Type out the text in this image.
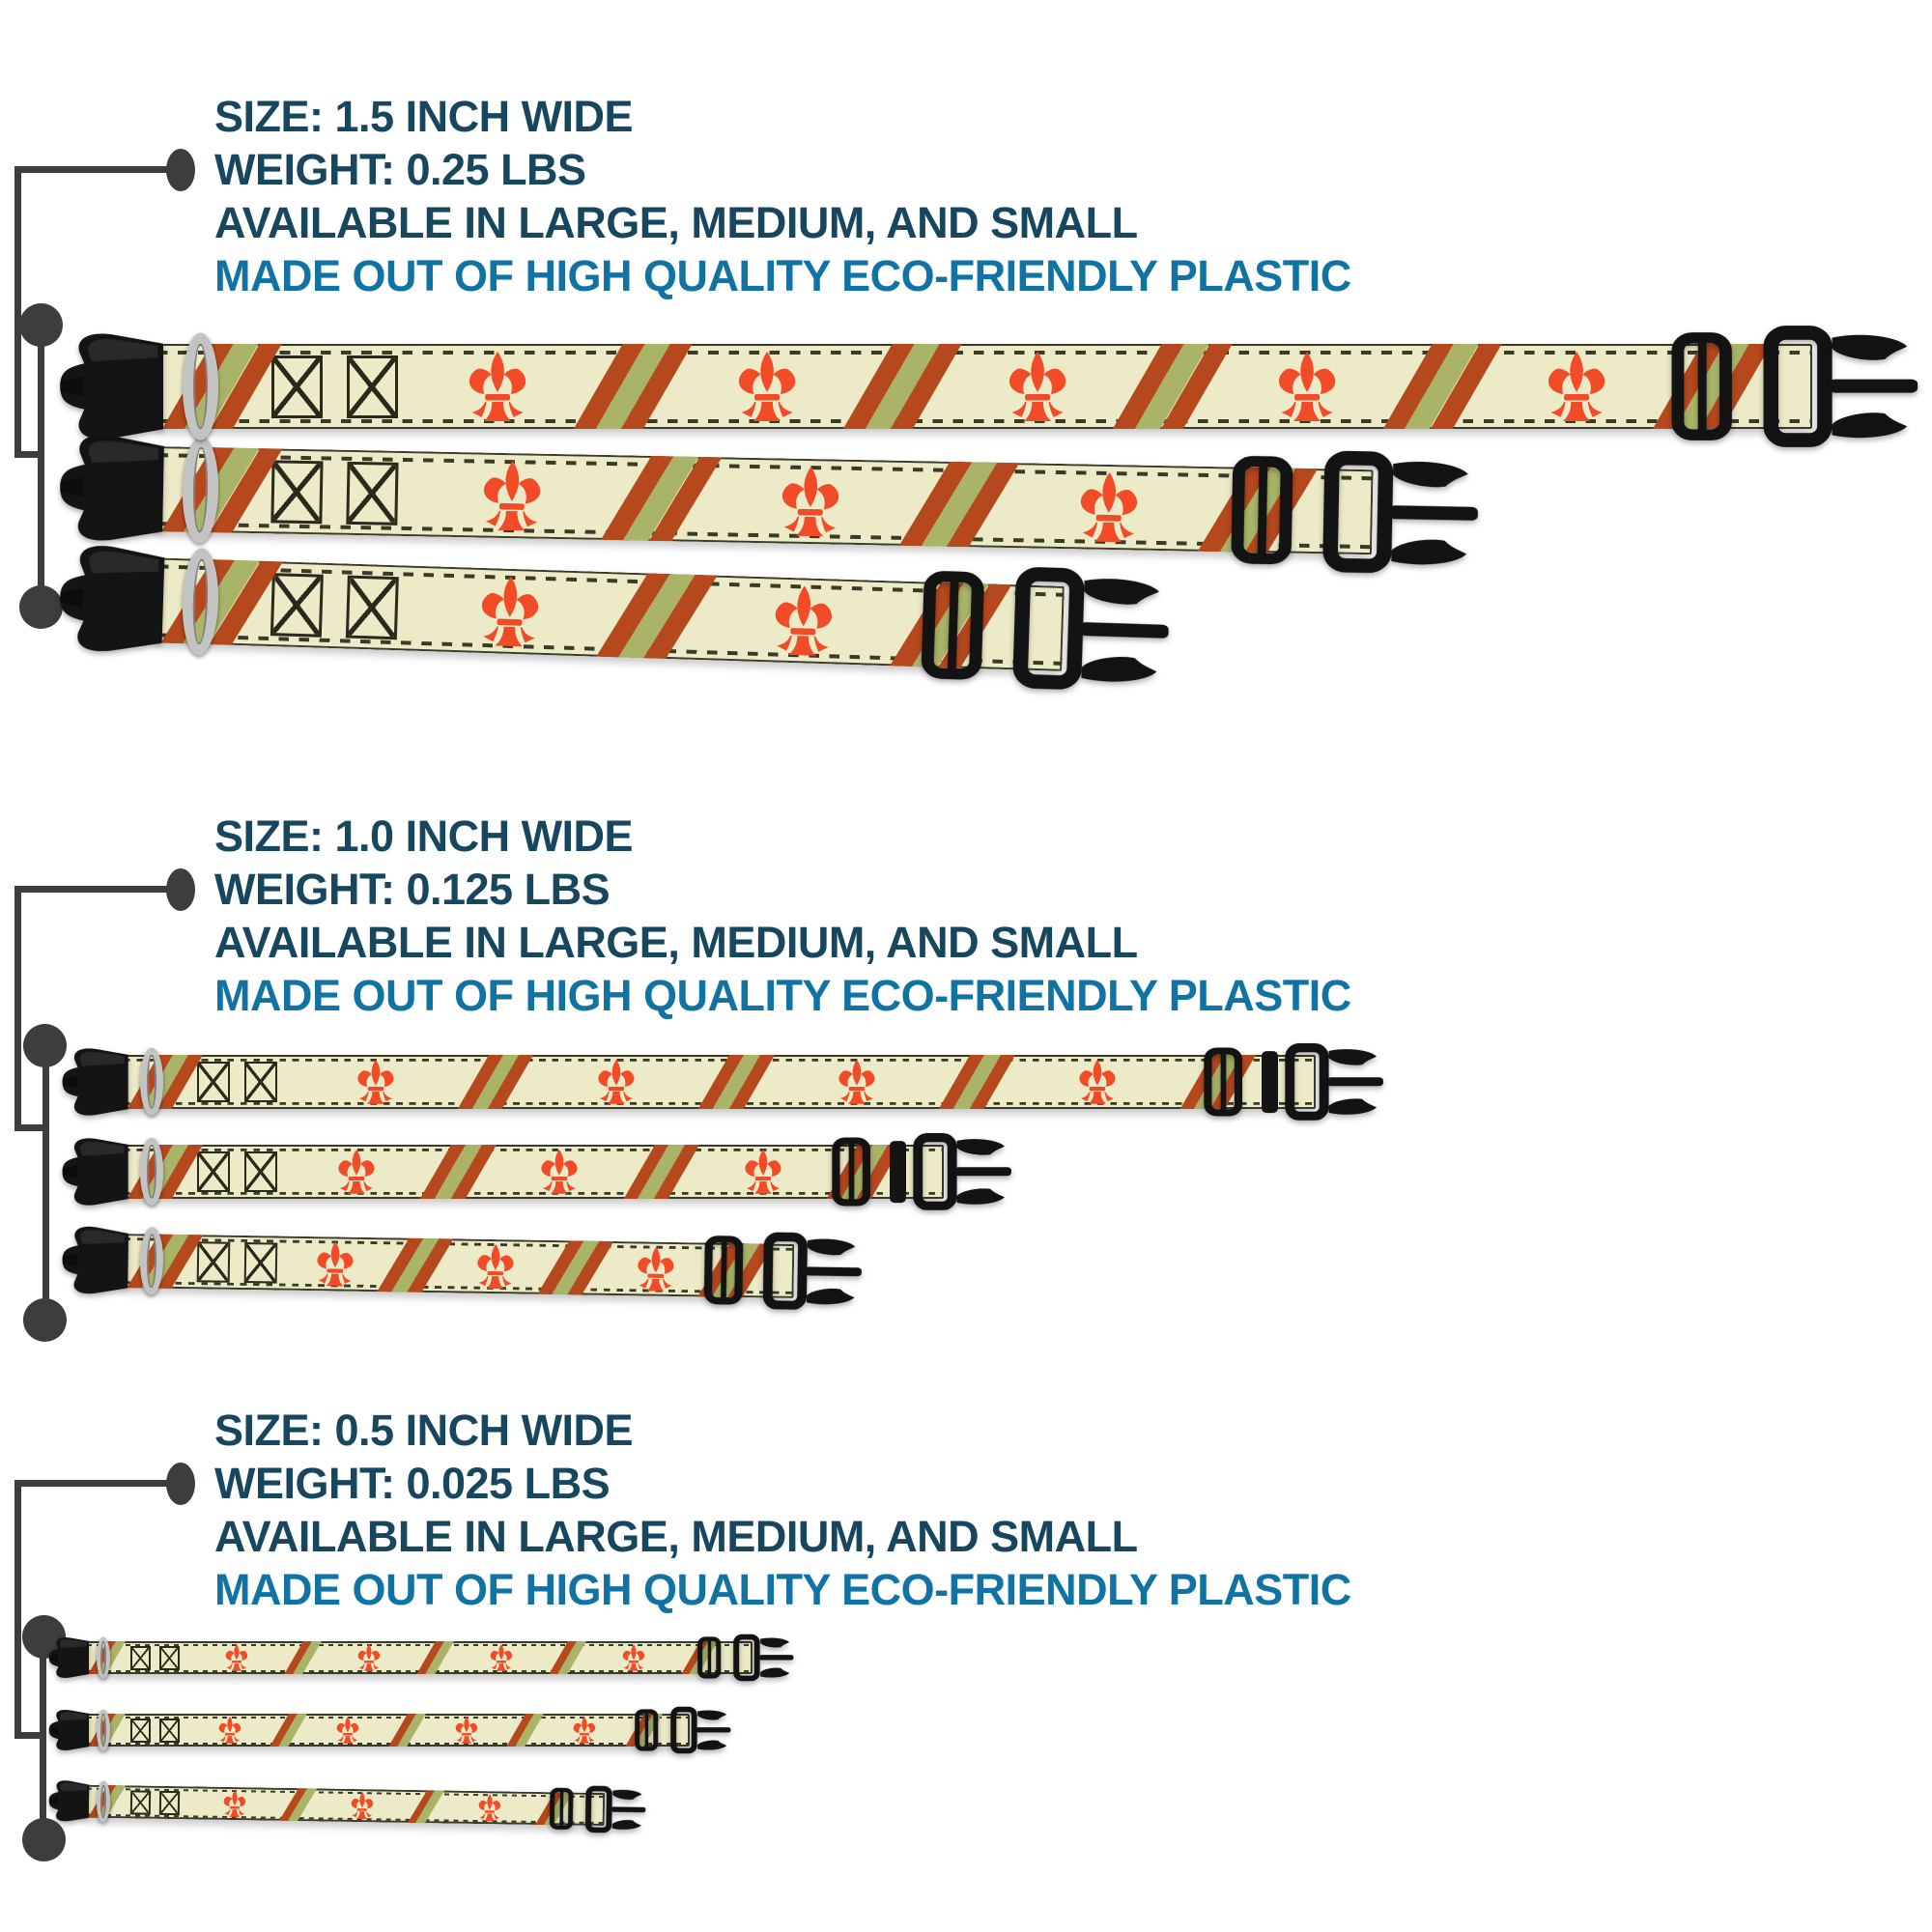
SIZE: 1.5 INCH WIDE
WEIGHT: 0.25 LBS
AVAILABLE IN LARGE, MEDIUM, AND SMALL
MADE OUT OF HIGH QUALITY ECO-FRIENDLY PLASTIC
SIZE: 1.0 INCH WIDE
WEIGHT: 0.125 LBS
AVAILABLE IN LARGE, MEDIUM, AND SMALL
MADE OUT OF HIGH QUALITY ECO-FRIENDLY PLASTIC
SIZE: 0.5 INCH WIDE
WEIGHT: 0.025 LBS
AVAILABLE IN LARGE, MEDIUM, AND SMALL
MADE OUT OF HIGH QUALITY ECO-FRIENDLY PLASTIC
